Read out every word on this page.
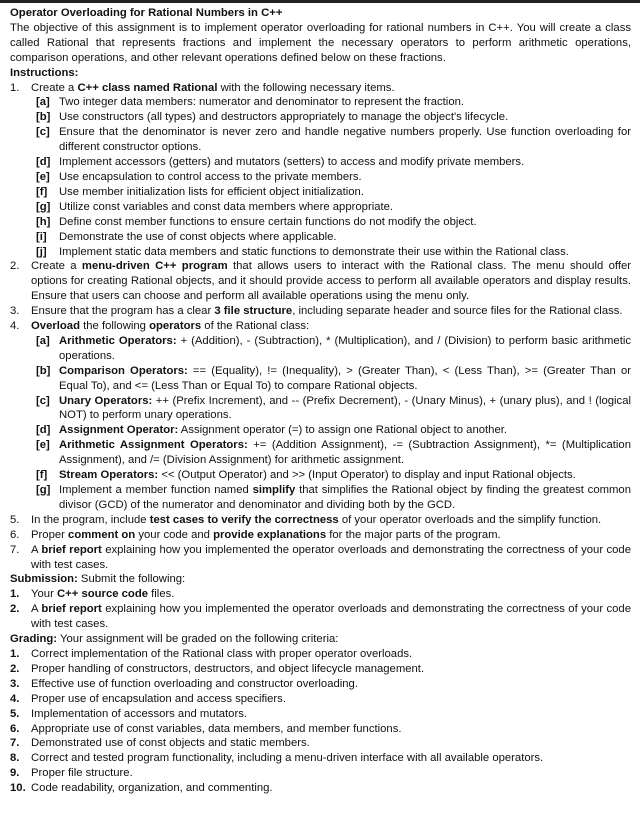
Operator Overloading for Rational Numbers in C++
The objective of this assignment is to implement operator overloading for rational numbers in C++. You will create a class called Rational that represents fractions and implement the necessary operators to perform arithmetic operations, comparison operations, and other relevant operations defined below on these fractions.
Instructions:
1.	Create a C++ class named Rational with the following necessary items.
[a] Two integer data members: numerator and denominator to represent the fraction.
[b] Use constructors (all types) and destructors appropriately to manage the object's lifecycle.
[c] Ensure that the denominator is never zero and handle negative numbers properly. Use function overloading for different constructor options.
[d] Implement accessors (getters) and mutators (setters) to access and modify private members.
[e] Use encapsulation to control access to the private members.
[f] Use member initialization lists for efficient object initialization.
[g] Utilize const variables and const data members where appropriate.
[h] Define const member functions to ensure certain functions do not modify the object.
[i] Demonstrate the use of const objects where applicable.
[j] Implement static data members and static functions to demonstrate their use within the Rational class.
2.	Create a menu-driven C++ program that allows users to interact with the Rational class. The menu should offer options for creating Rational objects, and it should provide access to perform all available operators and display results. Ensure that users can choose and perform all available operations using the menu only.
3.	Ensure that the program has a clear 3 file structure, including separate header and source files for the Rational class.
4.	Overload the following operators of the Rational class:
[a] Arithmetic Operators: + (Addition), - (Subtraction), * (Multiplication), and / (Division) to perform basic arithmetic operations.
[b] Comparison Operators: == (Equality), != (Inequality), > (Greater Than), < (Less Than), >= (Greater Than or Equal To), and <= (Less Than or Equal To) to compare Rational objects.
[c] Unary Operators: ++ (Prefix Increment), and -- (Prefix Decrement), - (Unary Minus), + (unary plus), and ! (logical NOT) to perform unary operations.
[d] Assignment Operator: Assignment operator (=) to assign one Rational object to another.
[e] Arithmetic Assignment Operators: += (Addition Assignment), -= (Subtraction Assignment), *= (Multiplication Assignment), and /= (Division Assignment) for arithmetic assignment.
[f] Stream Operators: << (Output Operator) and >> (Input Operator) to display and input Rational objects.
[g] Implement a member function named simplify that simplifies the Rational object by finding the greatest common divisor (GCD) of the numerator and denominator and dividing both by the GCD.
5.	In the program, include test cases to verify the correctness of your operator overloads and the simplify function.
6.	Proper comment on your code and provide explanations for the major parts of the program.
7.	A brief report explaining how you implemented the operator overloads and demonstrating the correctness of your code with test cases.
Submission: Submit the following:
1.	Your C++ source code files.
2.	A brief report explaining how you implemented the operator overloads and demonstrating the correctness of your code with test cases.
Grading: Your assignment will be graded on the following criteria:
1.	Correct implementation of the Rational class with proper operator overloads.
2.	Proper handling of constructors, destructors, and object lifecycle management.
3.	Effective use of function overloading and constructor overloading.
4.	Proper use of encapsulation and access specifiers.
5.	Implementation of accessors and mutators.
6.	Appropriate use of const variables, data members, and member functions.
7.	Demonstrated use of const objects and static members.
8.	Correct and tested program functionality, including a menu-driven interface with all available operators.
9.	Proper file structure.
10. Code readability, organization, and commenting.
